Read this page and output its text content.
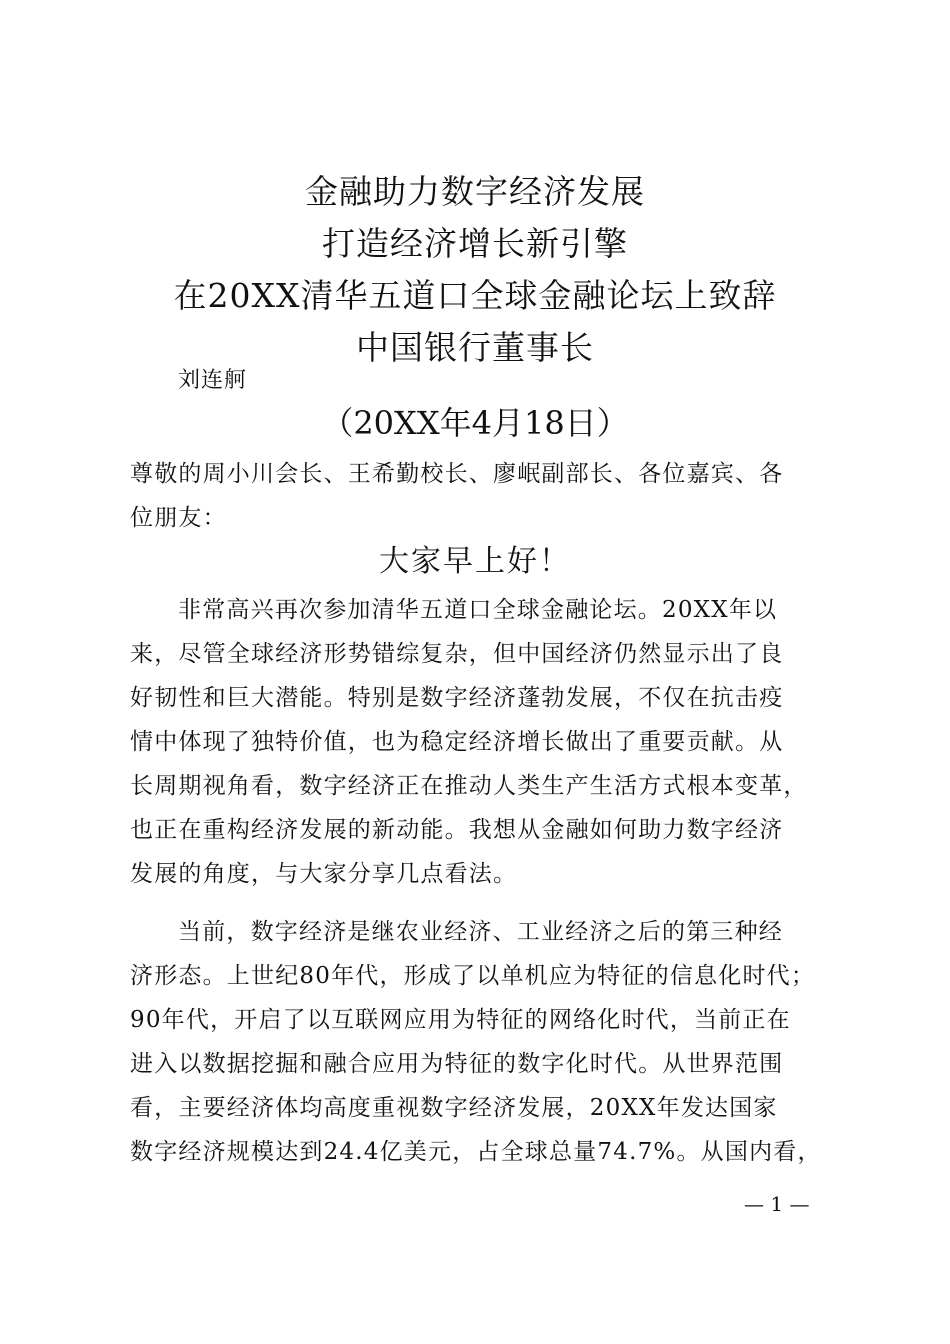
金融助力数字经济发展
打造经济增长新引擎
在20XX清华五道口全球金融论坛上致辞
中国银行董事长
刘连舸
（20XX年4月18日）
尊敬的周小川会长、王希勤校长、廖岷副部长、各位嘉宾、各
位朋友：
大家早上好！
非常高兴再次参加清华五道口全球金融论坛。20XX年以
来，尽管全球经济形势错综复杂，但中国经济仍然显示出了良
好韧性和巨大潜能。特别是数字经济蓬勃发展，不仅在抗击疫
情中体现了独特价值，也为稳定经济增长做出了重要贡献。从
长周期视角看，数字经济正在推动人类生产生活方式根本变革，
也正在重构经济发展的新动能。我想从金融如何助力数字经济
发展的角度，与大家分享几点看法。
当前，数字经济是继农业经济、工业经济之后的第三种经
济形态。上世纪80年代，形成了以单机应为特征的信息化时代；
90年代，开启了以互联网应用为特征的网络化时代，当前正在
进入以数据挖掘和融合应用为特征的数字化时代。从世界范围
看，主要经济体均高度重视数字经济发展，20XX年发达国家
数字经济规模达到24.4亿美元，占全球总量74.7%。从国内看，
— 1 —
